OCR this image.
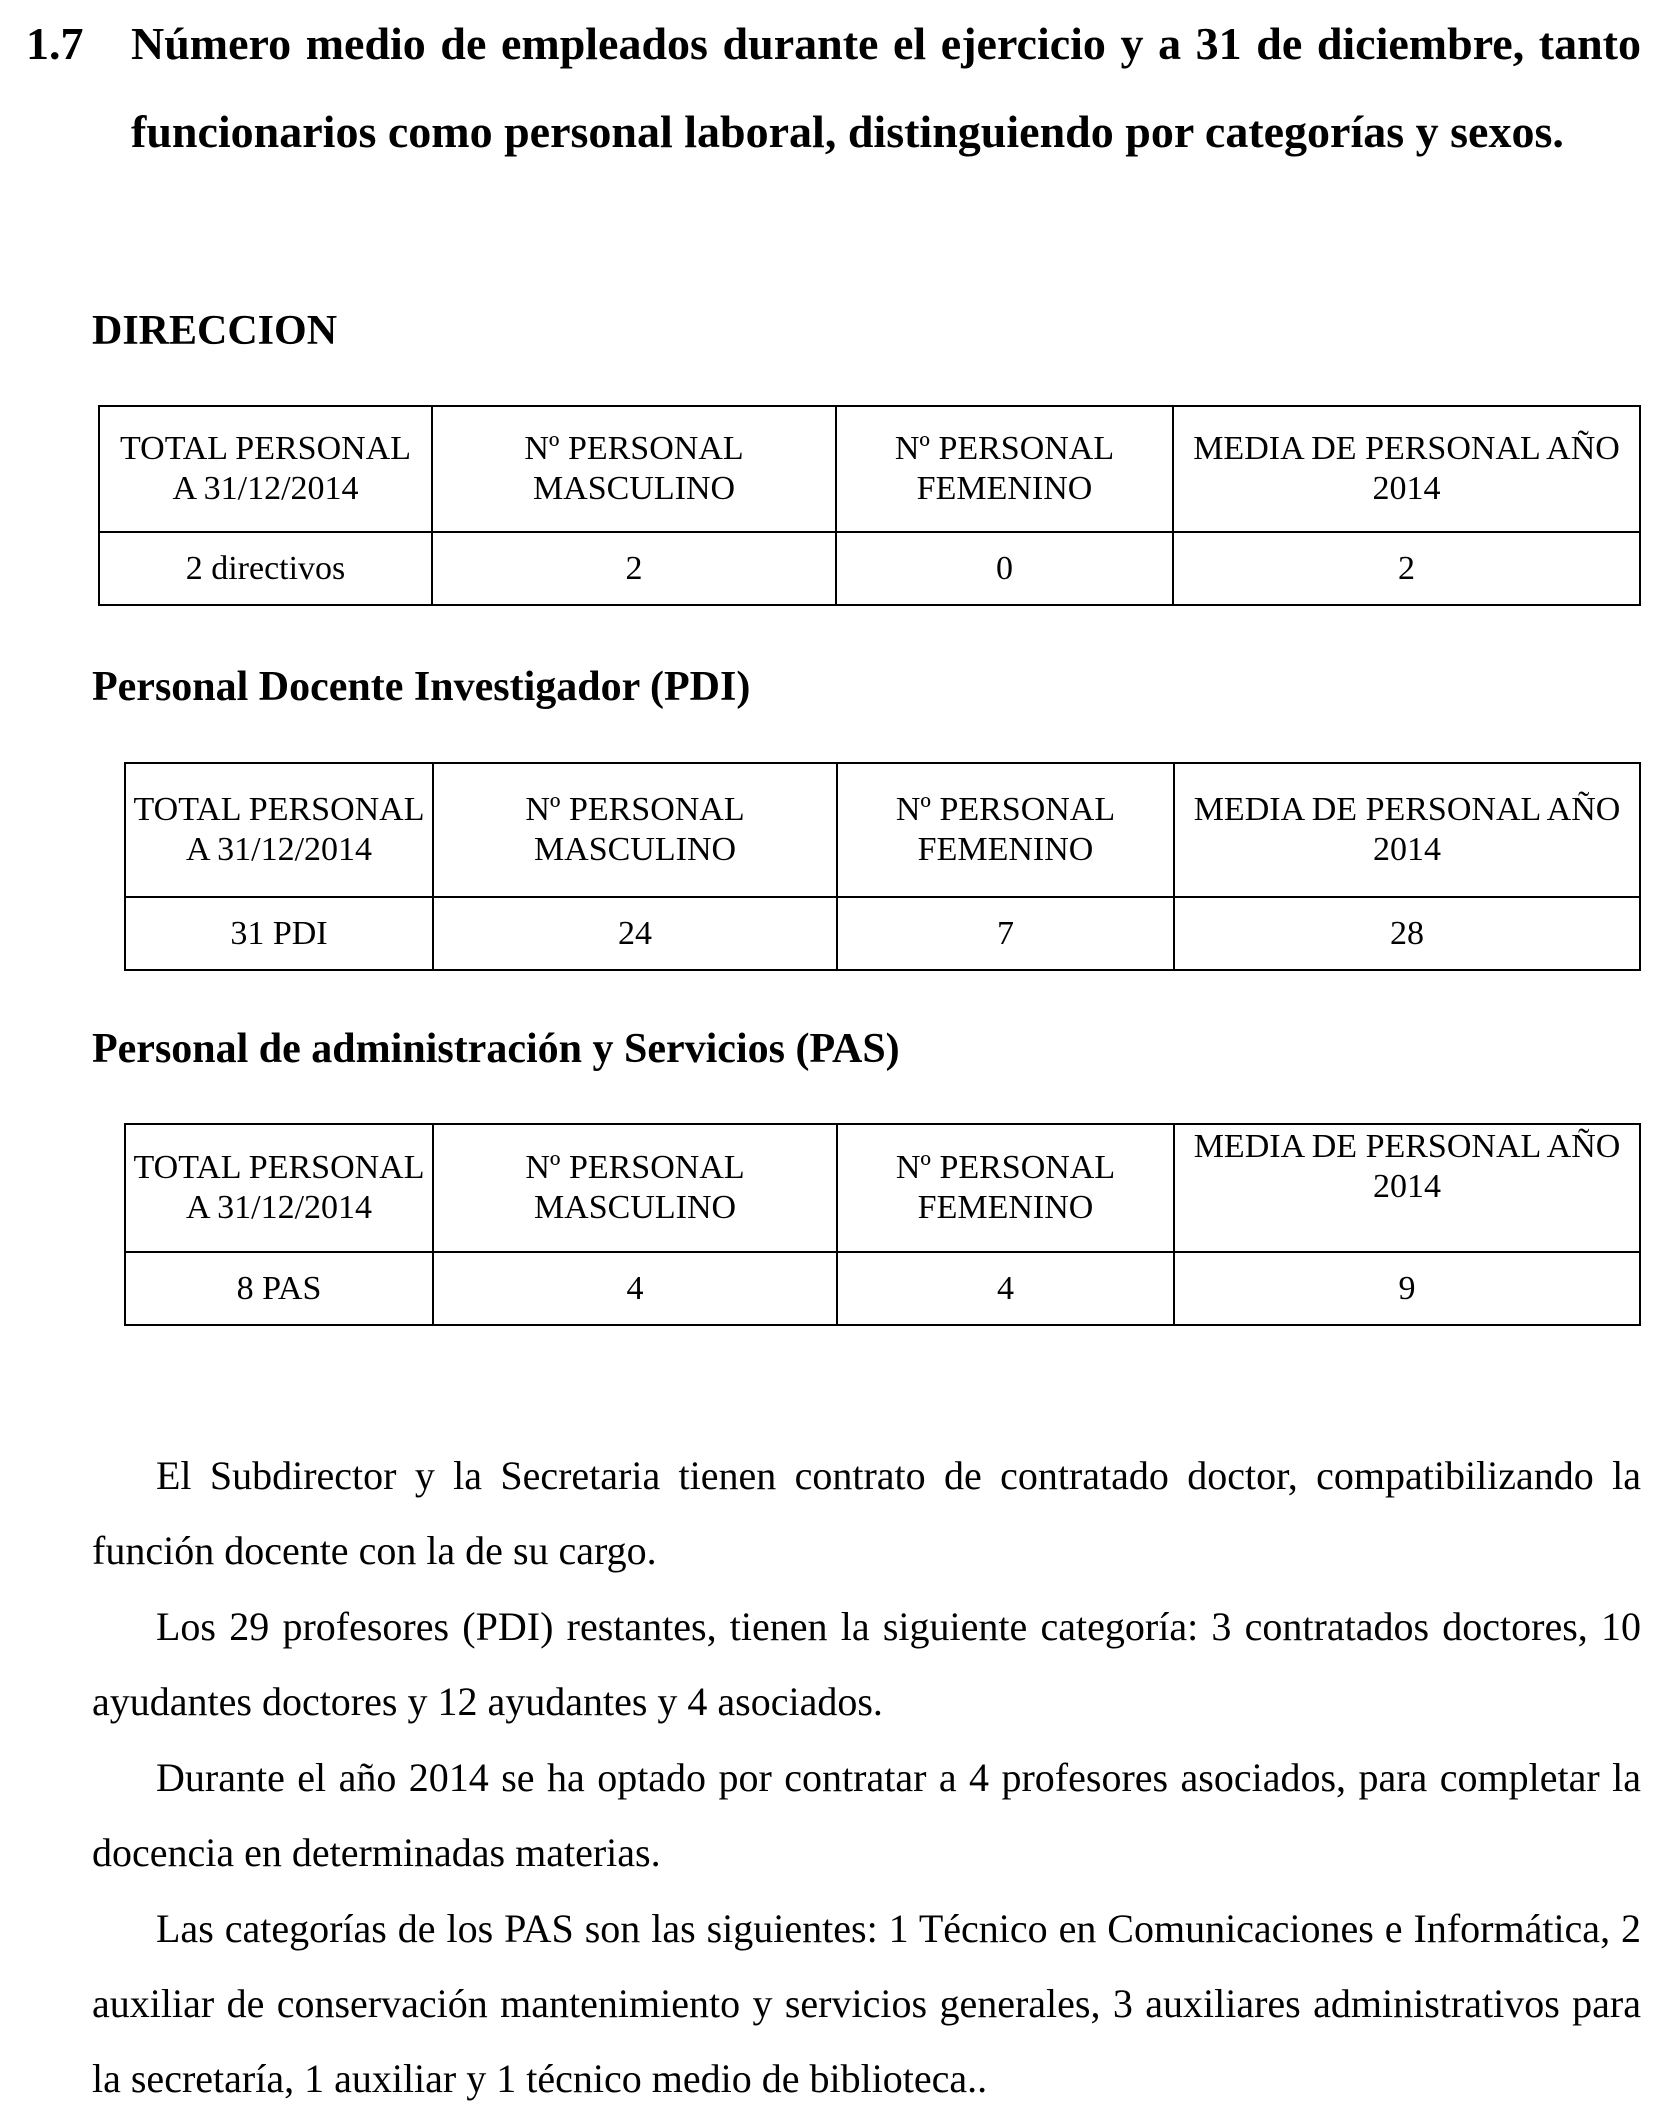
1.7 Número medio de empleados durante el ejercicio y a 31 de diciembre, tanto funcionarios como personal laboral, distinguiendo por categorías y sexos.
DIRECCION
TOTAL PERSONAL A 31/12/2014	Nº PERSONAL MASCULINO	Nº PERSONAL FEMENINO	MEDIA DE PERSONAL AÑO 2014
2 directivos	2	0	2
Personal Docente Investigador (PDI)
TOTAL PERSONAL A 31/12/2014	Nº PERSONAL MASCULINO	Nº PERSONAL FEMENINO	MEDIA DE PERSONAL AÑO 2014
31 PDI	24	7	28
Personal de administración y Servicios (PAS)
TOTAL PERSONAL A 31/12/2014	Nº PERSONAL MASCULINO	Nº PERSONAL FEMENINO	MEDIA DE PERSONAL AÑO 2014
8 PAS	4	4	9

El Subdirector y la Secretaria tienen contrato de contratado doctor, compatibilizando la función docente con la de su cargo.

Los 29 profesores (PDI) restantes, tienen la siguiente categoría: 3 contratados doctores, 10 ayudantes doctores y 12 ayudantes y 4 asociados.

Durante el año 2014 se ha optado por contratar a 4 profesores asociados, para completar la docencia en determinadas materias.

Las categorías de los PAS son las siguientes: 1 Técnico en Comunicaciones e Informática, 2 auxiliar de conservación mantenimiento y servicios generales, 3 auxiliares administrativos para la secretaría, 1 auxiliar y 1 técnico medio de biblioteca..
